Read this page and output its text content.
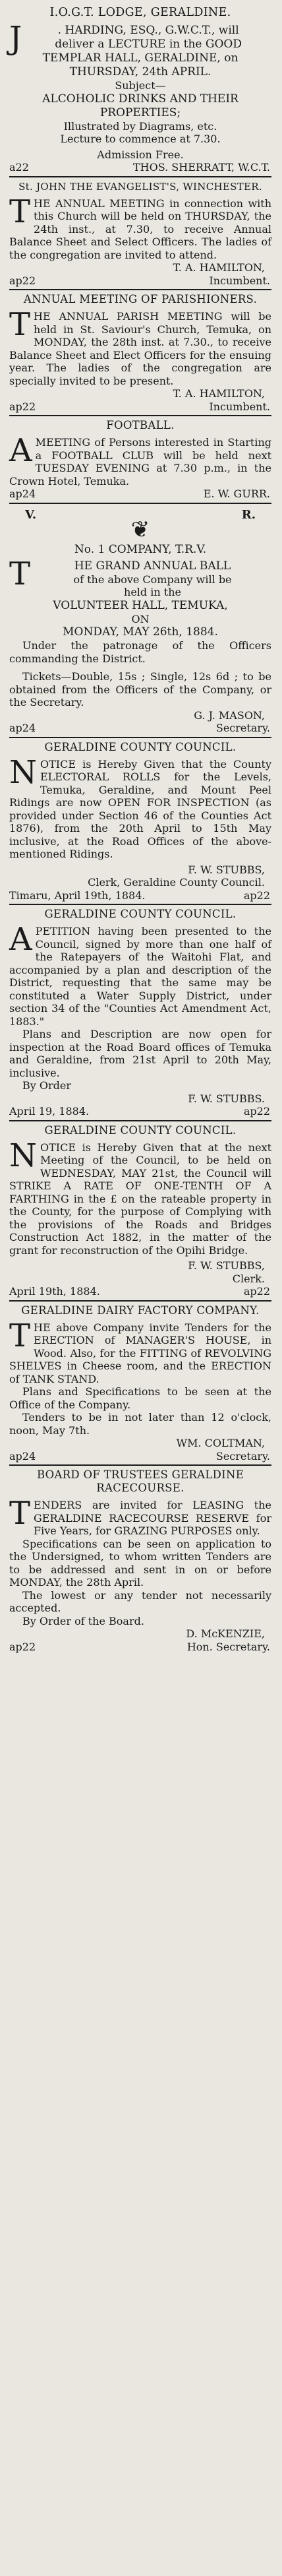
I.O.G.T. LODGE, GERALDINE.
J	. HARDING, ESQ., G.W.C.T., will

deliver a LECTURE in the GOOD

TEMPLAR HALL, GERALDINE, on

THURSDAY, 24th APRIL.

Subject—

ALCOHOLIC DRINKS AND THEIR PROPERTIES;

Illustrated by Diagrams, etc.

Lecture to commence at 7.30.

Admission Free.

a22	THOS. SHERRATT, W.C.T.
St. JOHN THE EVANGELIST'S, WINCHESTER.
T HE ANNUAL MEETING in connection with this Church will be held on THURSDAY, the 24th inst., at 7.30, to receive Annual Balance Sheet and Select Officers. The ladies of the congregation are invited to attend.

T. A. HAMILTON,

ap22	Incumbent.
ANNUAL MEETING OF PARISHIONERS.
T HE ANNUAL PARISH MEETING will be held in St. Saviour's Church, Temuka, on MONDAY, the 28th inst. at 7.30., to receive Balance Sheet and Elect Officers for the ensuing year. The ladies of the congregation are specially invited to be present.

T. A. HAMILTON,

ap22	Incumbent.
FOOTBALL.
A MEETING of Persons interested in Starting a FOOTBALL CLUB will be held next TUESDAY EVENING at 7.30 p.m., in the Crown Hotel, Temuka.
ap24	E. W. GURR.
V.	R.
❦

No. 1 COMPANY, T.R.V.

T	HE GRAND ANNUAL BALL

of the above Company will be

held in the

VOLUNTEER HALL, TEMUKA,

ON

MONDAY, MAY 26th, 1884.

Under the patronage of the Officers commanding the District.

Tickets—Double, 15s ; Single, 12s 6d ; to be obtained from the Officers of the Company, or the Secretary.

G. J. MASON,

ap24	Secretary.
GERALDINE COUNTY COUNCIL.
N OTICE is Hereby Given that the County ELECTORAL ROLLS for the Levels, Temuka, Geraldine, and Mount Peel Ridings are now OPEN FOR INSPECTION (as provided under Section 46 of the Counties Act 1876), from the 20th April to 15th May inclusive, at the Road Offices of the above-mentioned Ridings.

F. W. STUBBS,

Clerk, Geraldine County Council.

Timaru, April 19th, 1884.	ap22
GERALDINE COUNTY COUNCIL.
A PETITION having been presented to the Council, signed by more than one half of the Ratepayers of the Waitohi Flat, and accompanied by a plan and description of the District, requesting that the same may be constituted a Water Supply District, under section 34 of the "Counties Act Amendment Act, 1883."

Plans and Description are now open for inspection at the Road Board offices of Temuka and Geraldine, from 21st April to 20th May, inclusive.

By Order

F. W. STUBBS.

April 19, 1884.	ap22
GERALDINE COUNTY COUNCIL.
N OTICE is Hereby Given that at the next Meeting of the Council, to be held on WEDNESDAY, MAY 21st, the Council will STRIKE A RATE OF ONE-TENTH OF A FARTHING in the £ on the rateable property in the County, for the purpose of Complying with the provisions of the Roads and Bridges Construction Act 1882, in the matter of the grant for reconstruction of the Opihi Bridge.

F. W. STUBBS,

Clerk.

April 19th, 1884.	ap22
GERALDINE DAIRY FACTORY COMPANY.
T HE above Company invite Tenders for the ERECTION of MANAGER'S HOUSE, in Wood. Also, for the FITTING of REVOLVING SHELVES in Cheese room, and the ERECTION of TANK STAND.

Plans and Specifications to be seen at the Office of the Company.

Tenders to be in not later than 12 o'clock, noon, May 7th.

WM. COLTMAN,

ap24	Secretary.
BOARD OF TRUSTEES GERALDINE RACECOURSE.
T ENDERS are invited for LEASING the GERALDINE RACECOURSE RESERVE for Five Years, for GRAZING PURPOSES only.

Specifications can be seen on application to the Undersigned, to whom written Tenders are to be addressed and sent in on or before MONDAY, the 28th April.

The lowest or any tender not necessarily accepted.

By Order of the Board.

D. McKENZIE,

ap22	Hon. Secretary.
